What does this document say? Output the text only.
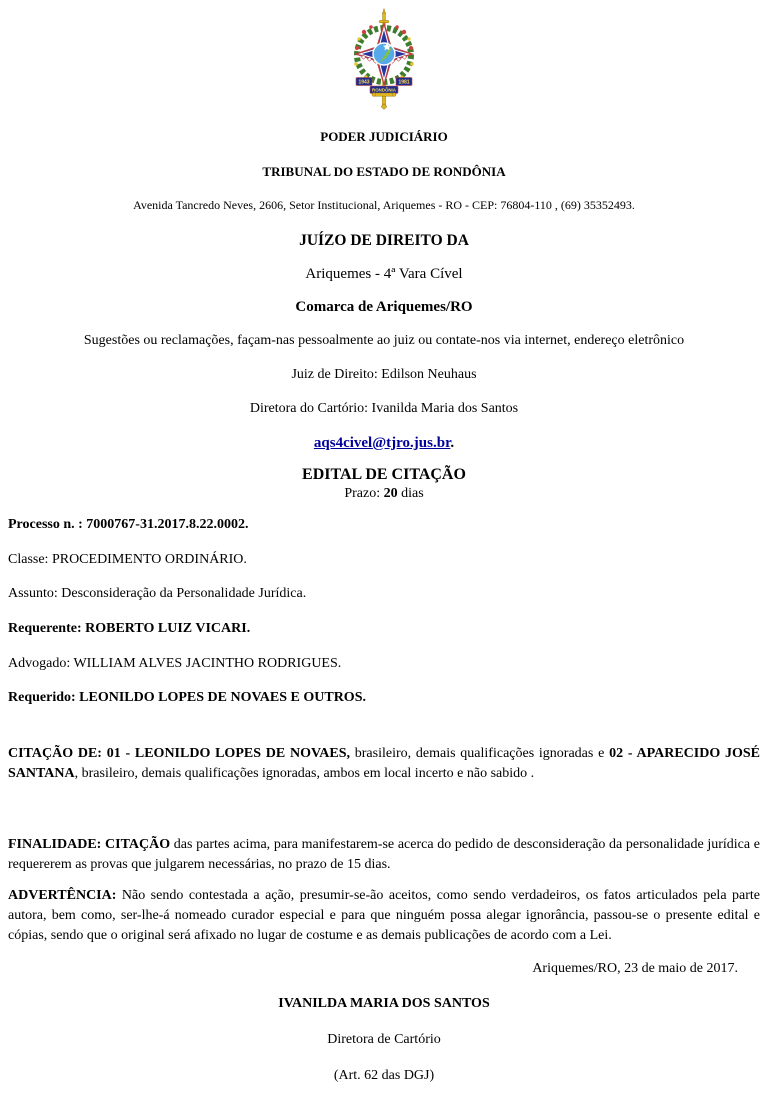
1943	1981
RONDÔNIA

PODER JUDICIÁRIO

TRIBUNAL DO ESTADO DE RONDÔNIA

Avenida Tancredo Neves, 2606, Setor Institucional, Ariquemes - RO - CEP: 76804-110 , (69) 35352493.

JUÍZO DE DIREITO DA

Ariquemes - 4ª Vara Cível

Comarca de Ariquemes/RO

Sugestões ou reclamações, façam-nas pessoalmente ao juiz ou contate-nos via internet, endereço eletrônico

Juiz de Direito: Edilson Neuhaus

Diretora do Cartório: Ivanilda Maria dos Santos

aqs4civel@tjro.jus.br.

EDITAL DE CITAÇÃO

Prazo: 20 dias

Processo n. : 7000767-31.2017.8.22.0002.

Classe: PROCEDIMENTO ORDINÁRIO.

Assunto: Desconsideração da Personalidade Jurídica.

Requerente: ROBERTO LUIZ VICARI.

Advogado: WILLIAM ALVES JACINTHO RODRIGUES.

Requerido: LEONILDO LOPES DE NOVAES E OUTROS.

CITAÇÃO DE: 01 - LEONILDO LOPES DE NOVAES, brasileiro, demais qualificações ignoradas e 02 - APARECIDO JOSÉ SANTANA, brasileiro, demais qualificações ignoradas, ambos em local incerto e não sabido .

FINALIDADE: CITAÇÃO das partes acima, para manifestarem-se acerca do pedido de desconsideração da personalidade jurídica e requererem as provas que julgarem necessárias, no prazo de 15 dias.

ADVERTÊNCIA: Não sendo contestada a ação, presumir-se-ão aceitos, como sendo verdadeiros, os fatos articulados pela parte autora, bem como, ser-lhe-á nomeado curador especial e para que ninguém possa alegar ignorância, passou-se o presente edital e cópias, sendo que o original será afixado no lugar de costume e as demais publicações de acordo com a Lei.

Ariquemes/RO, 23 de maio de 2017.

IVANILDA MARIA DOS SANTOS

Diretora de Cartório

(Art. 62 das DGJ)
